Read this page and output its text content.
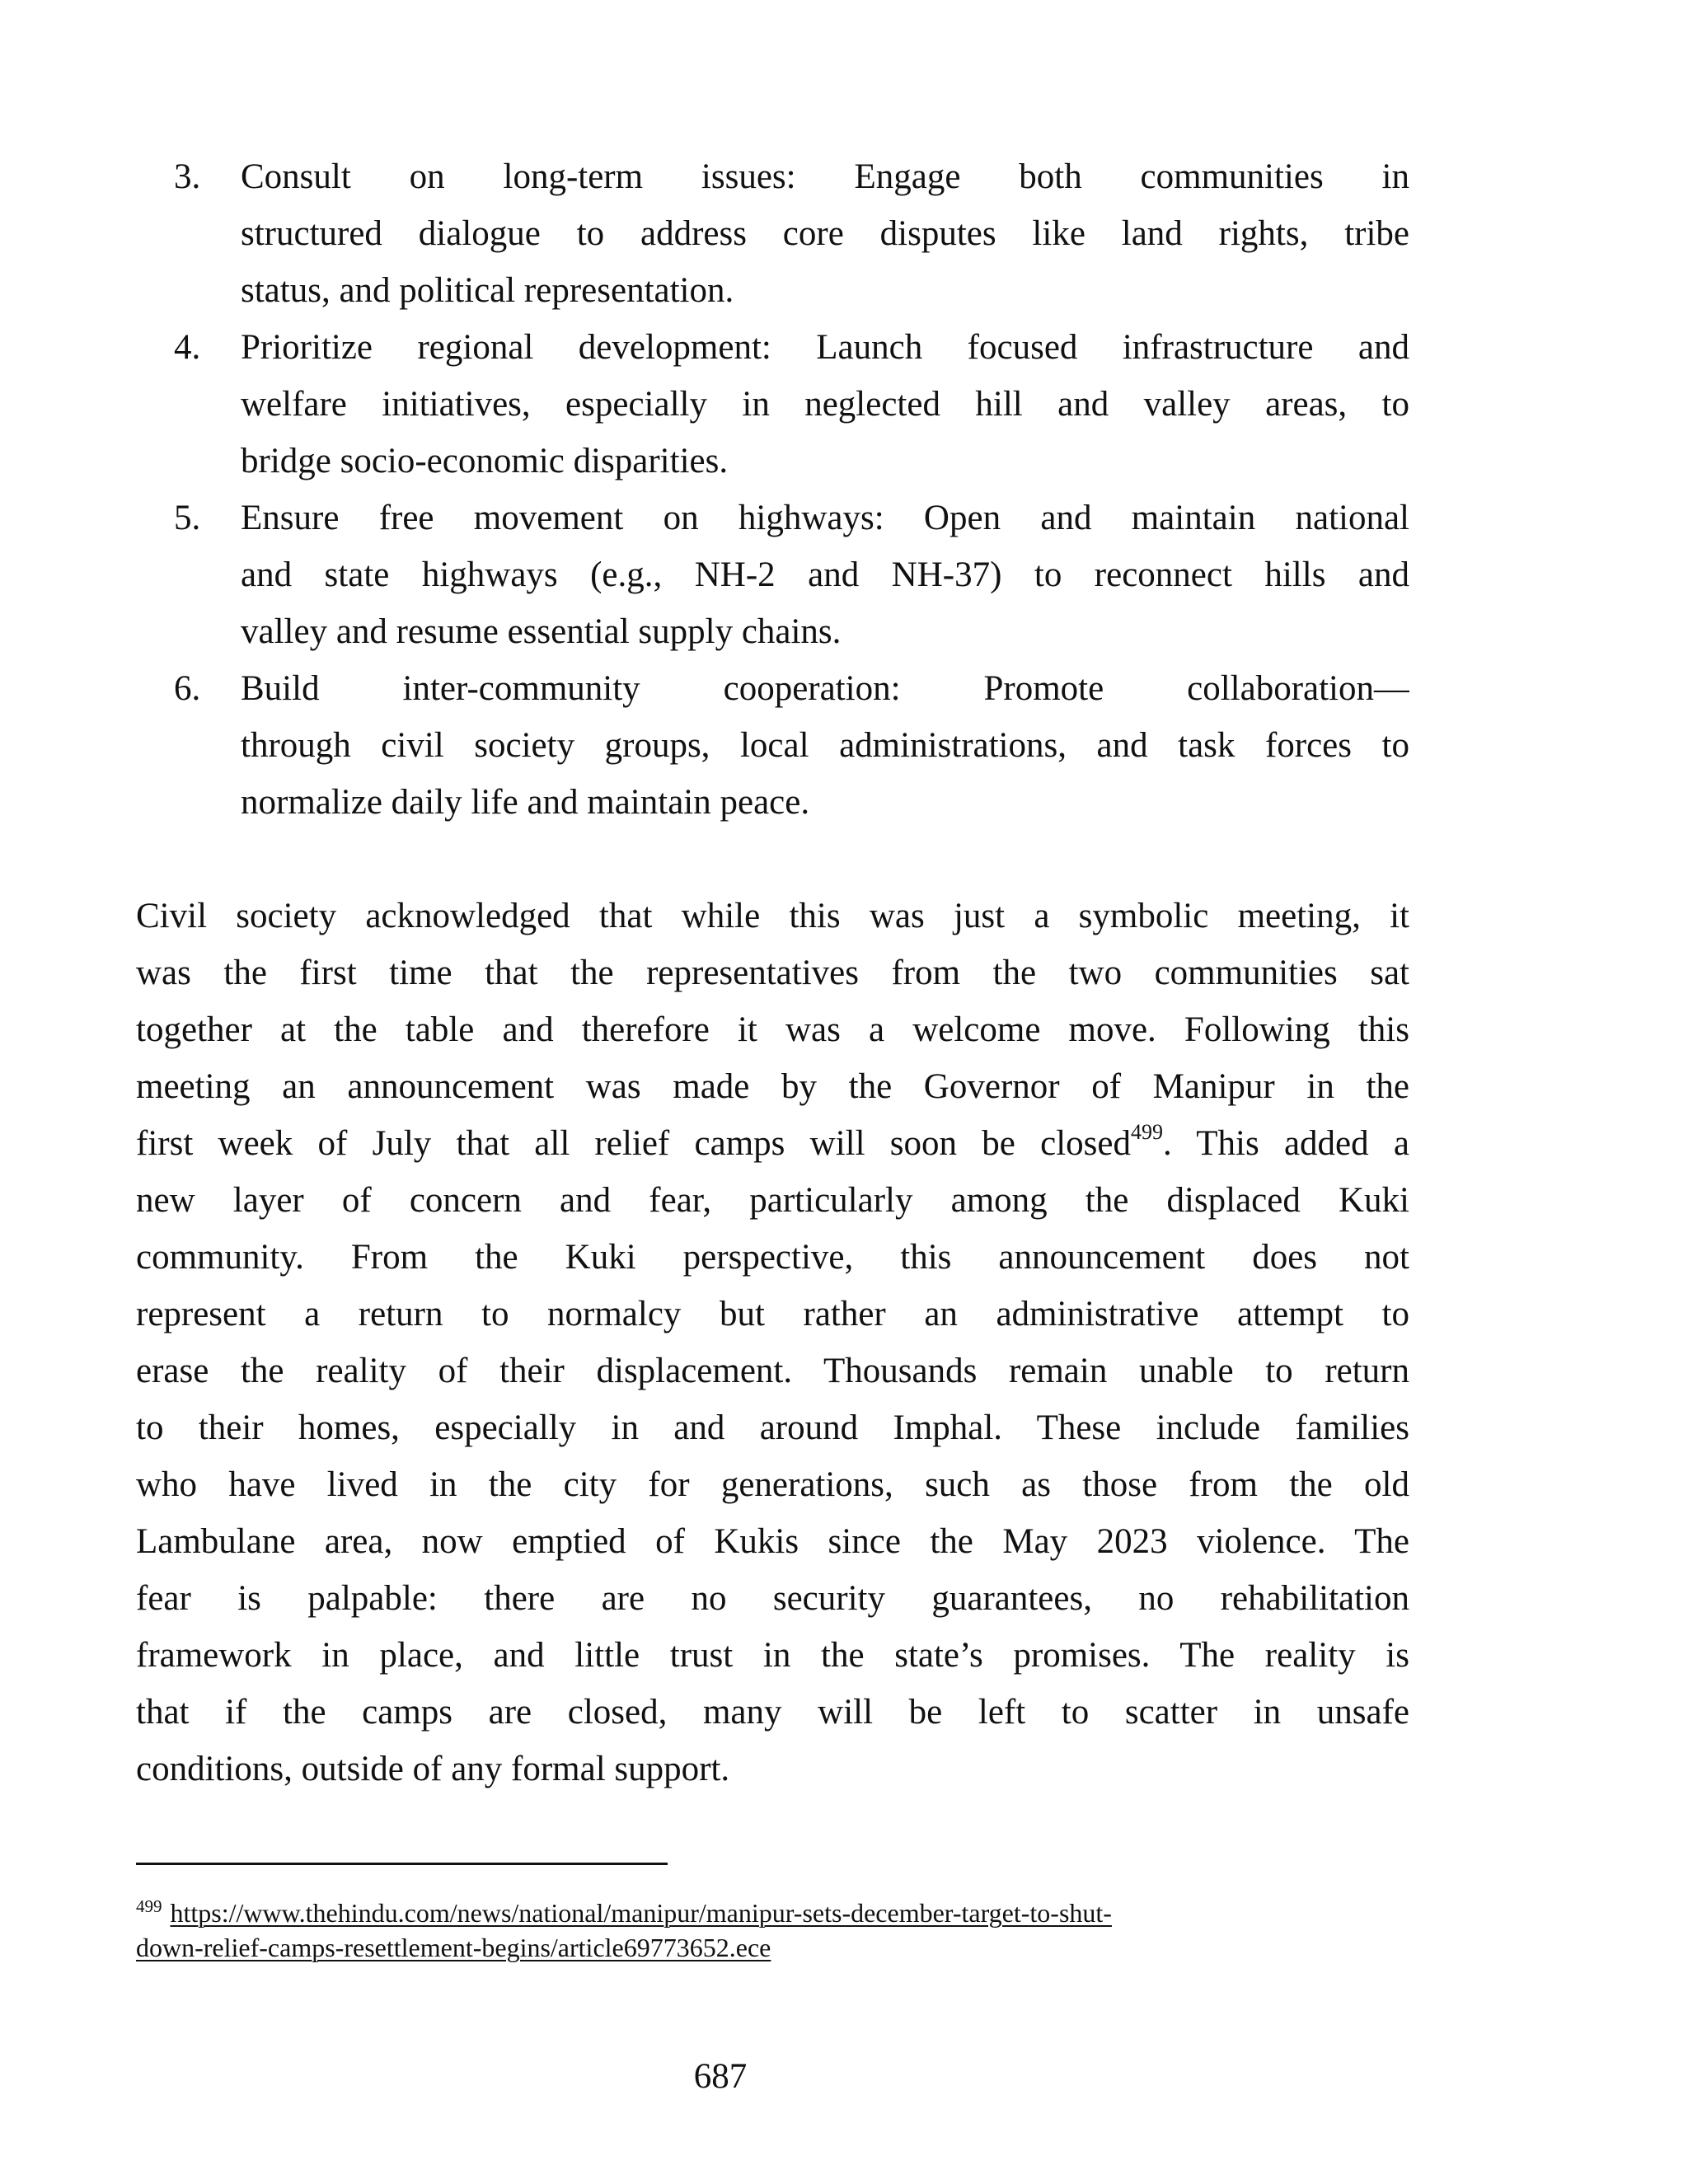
3.	Consult on long-term issues: Engage both communities in
structured dialogue to address core disputes like land rights, tribe
status, and political representation.
4.	Prioritize regional development: Launch focused infrastructure and
welfare initiatives, especially in neglected hill and valley areas, to
bridge socio-economic disparities.
5.	Ensure free movement on highways: Open and maintain national
and state highways (e.g., NH-2 and NH-37) to reconnect hills and
valley and resume essential supply chains.
6.	Build inter-community cooperation: Promote collaboration—
through civil society groups, local administrations, and task forces to
normalize daily life and maintain peace.
Civil society acknowledged that while this was just a symbolic meeting, it
was the first time that the representatives from the two communities sat
together at the table and therefore it was a welcome move. Following this
meeting an announcement was made by the Governor of Manipur in the
first week of July that all relief camps will soon be closed$^{499}$. This added a
new layer of concern and fear, particularly among the displaced Kuki
community. From the Kuki perspective, this announcement does not
represent a return to normalcy but rather an administrative attempt to
erase the reality of their displacement. Thousands remain unable to return
to their homes, especially in and around Imphal. These include families
who have lived in the city for generations, such as those from the old
Lambulane area, now emptied of Kukis since the May 2023 violence. The
fear is palpable: there are no security guarantees, no rehabilitation
framework in place, and little trust in the state’s promises. The reality is
that if the camps are closed, many will be left to scatter in unsafe
conditions, outside of any formal support.
$^{499}$ https://www.thehindu.com/news/national/manipur/manipur-sets-december-target-to-shut-
down-relief-camps-resettlement-begins/article69773652.ece
687
